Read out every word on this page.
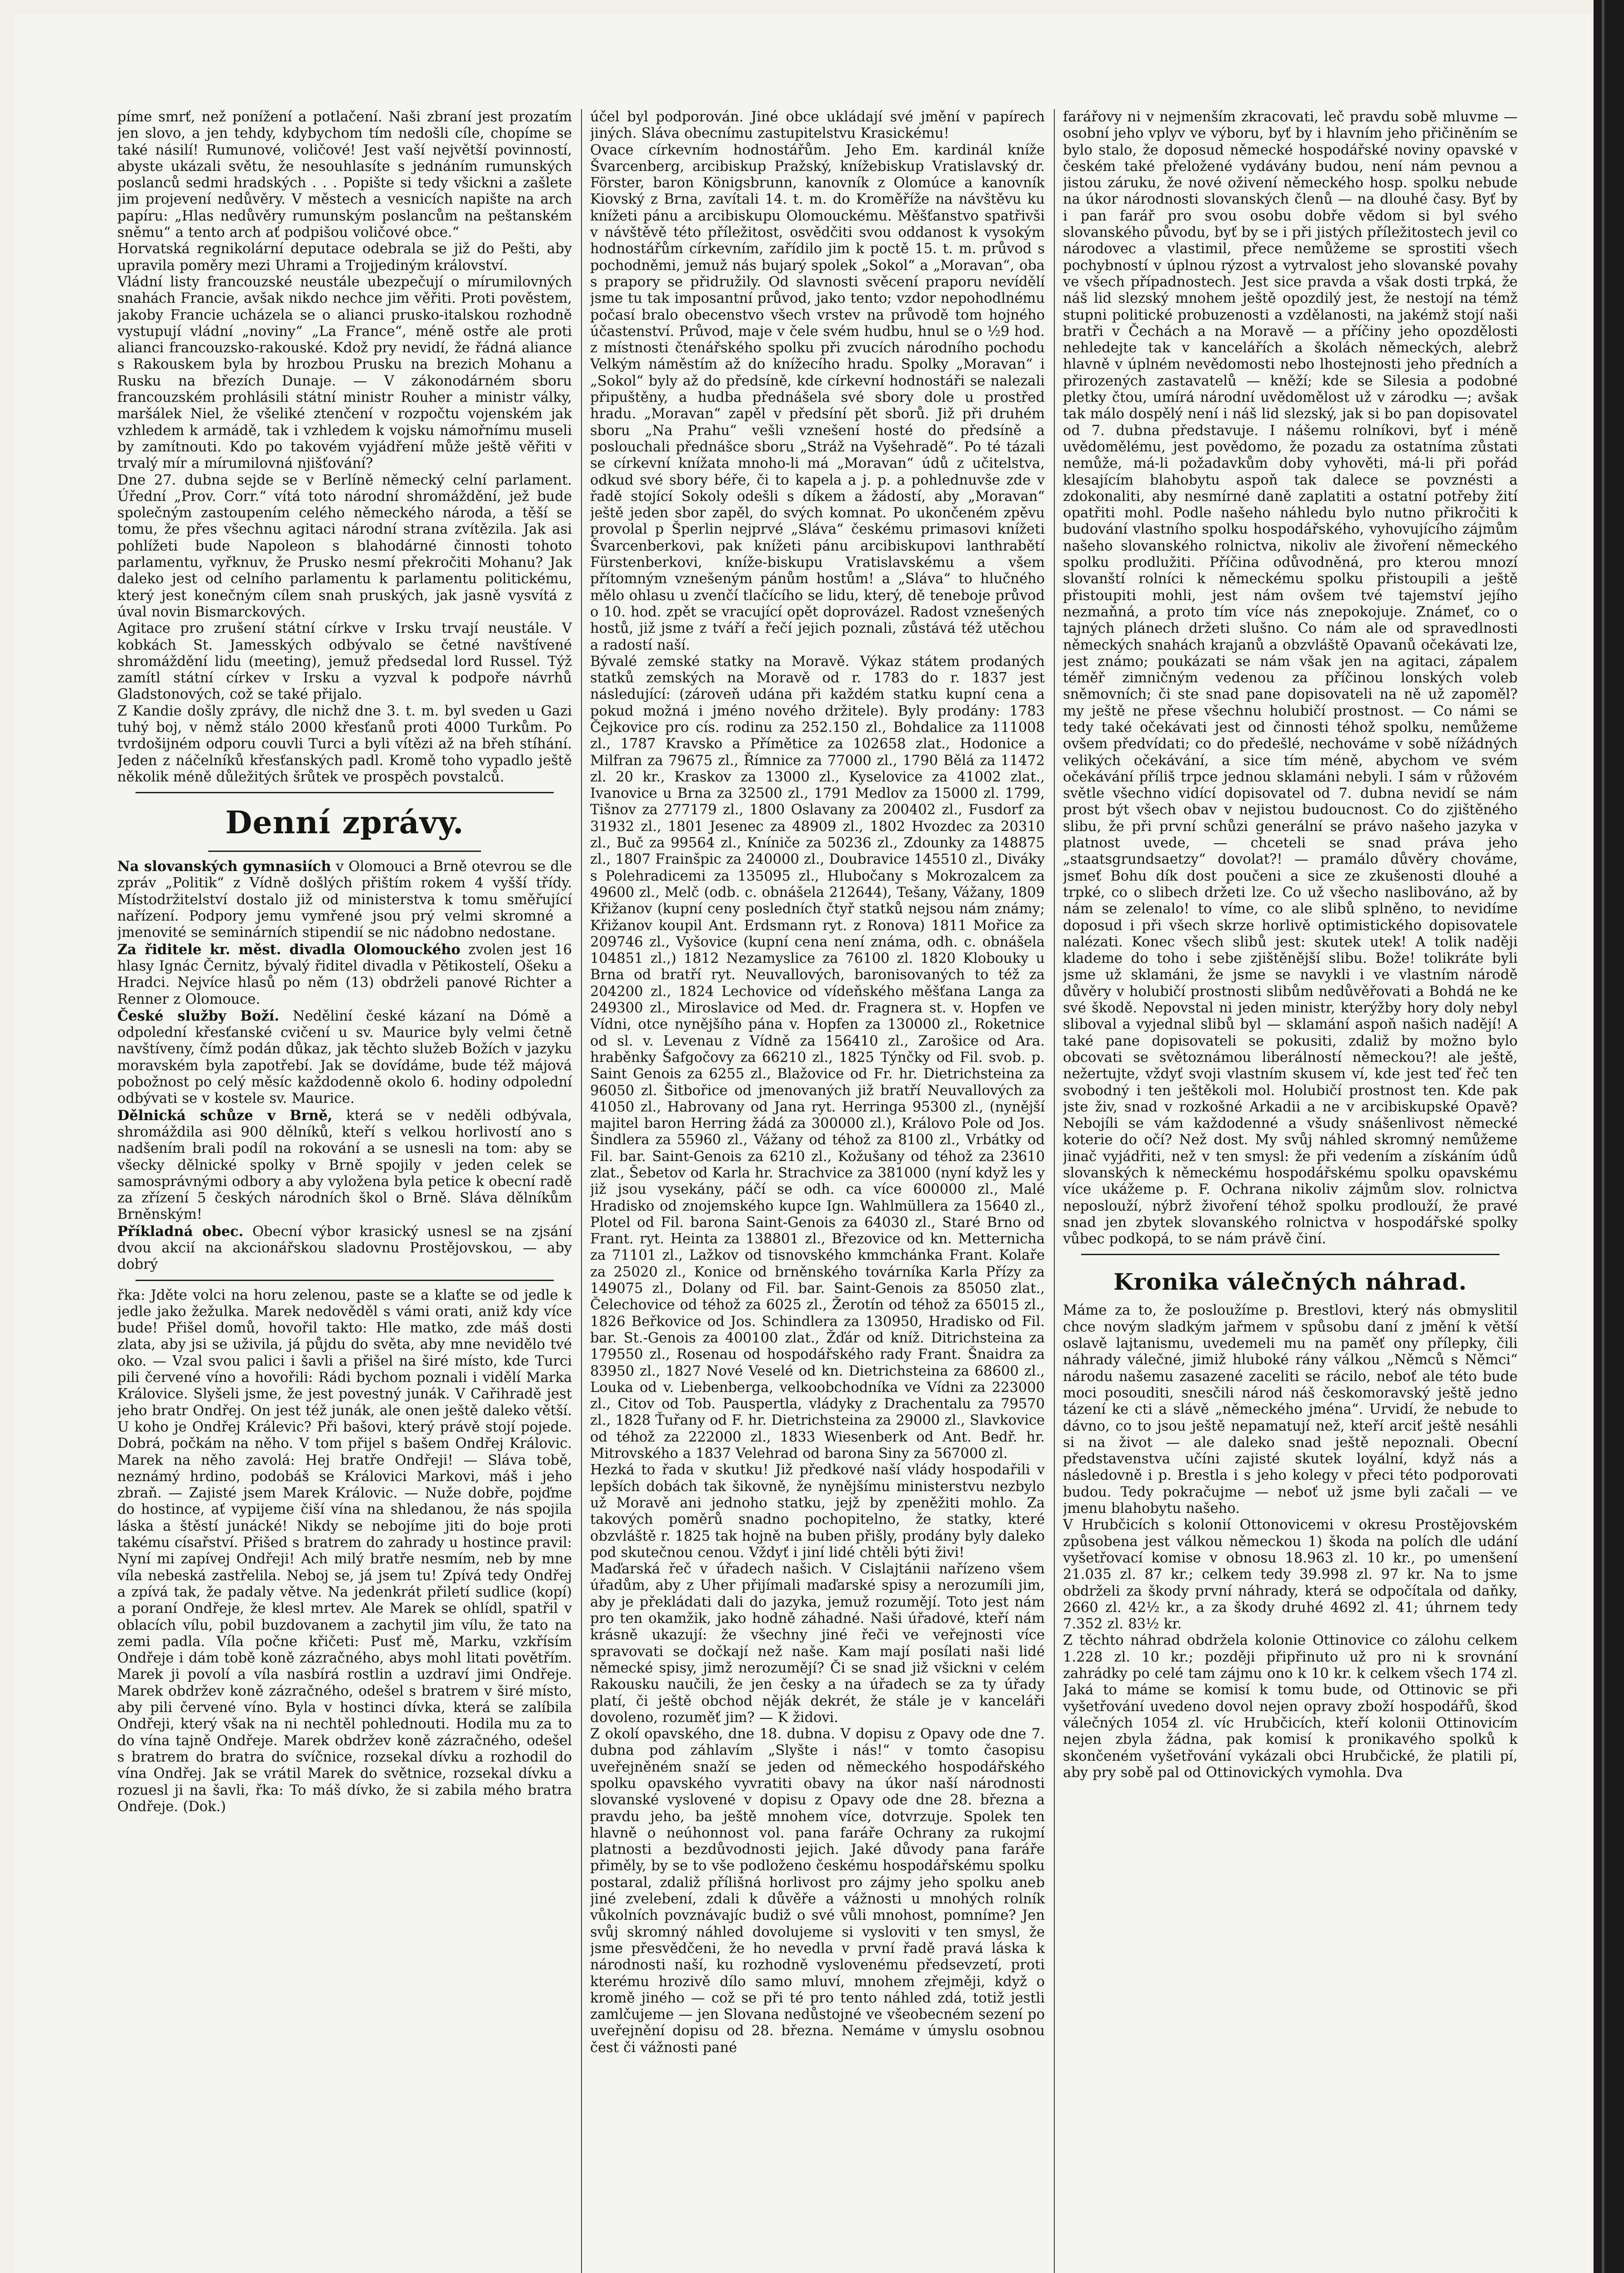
píme smrť, než ponížení a potlačení. Naši zbraní jest prozatím jen slovo, a jen tehdy, kdybychom tím nedošli cíle, chopíme se také násilí! Rumunové, voličové! Jest vaší největší povinností, abyste ukázali světu, že nesouhlasíte s jednáním rumunských poslanců sedmi hradských . . . Popište si tedy všickni a zašlete jim projevení nedůvěry. V městech a vesnicích napište na arch papíru: „Hlas nedůvěry rumunským poslancům na peštanském sněmu“ a tento arch ať podpišou voličové obce.“

Horvatská regnikolární deputace odebrala se již do Pešti, aby upravila poměry mezi Uhrami a Trojjediným království.

Vládní listy francouzské neustále ubezpečují o mírumilovných snahách Francie, avšak nikdo nechce jim věřiti. Proti pověstem, jakoby Francie ucházela se o alianci prusko-italskou rozhodně vystupují vládní „noviny“ „La France“, méně ostře ale proti alianci francouzsko-rakouské. Kdož pry nevidí, že řádná aliance s Rakouskem byla by hrozbou Prusku na brezich Mohanu a Rusku na březích Dunaje. — V zákonodárném sboru francouzském prohlásili státní ministr Rouher a ministr války, maršálek Niel, že všeliké ztenčení v rozpočtu vojenském jak vzhledem k armádě, tak i vzhledem k vojsku námořnímu museli by zamítnouti. Kdo po takovém vyjádření může ještě věřiti v trvalý mír a mírumilovná njišťování?

Dne 27. dubna sejde se v Berlíně německý celní parlament. Úřední „Prov. Corr.“ vítá toto národní shromáždění, jež bude společným zastoupením celého německého národa, a těší se tomu, že přes všechnu agitaci národní strana zvítězila. Jak asi pohlížeti bude Napoleon s blahodárné činnosti tohoto parlamentu, vyřknuv, že Prusko nesmí překročiti Mohanu? Jak daleko jest od celního parlamentu k parlamentu politickému, který jest konečným cílem snah pruských, jak jasně vysvítá z úval novin Bismarckových.

Agitace pro zrušení státní církve v Irsku trvají neustále. V kobkách St. Jamesských odbývalo se četné navštívené shromáždění lidu (meeting), jemuž předsedal lord Russel. Týž zamítl státní církev v Irsku a vyzval k podpoře návrhů Gladstonových, což se také přijalo.

Z Kandie došly zprávy, dle nichž dne 3. t. m. byl sveden u Gazi tuhý boj, v němž stálo 2000 křesťanů proti 4000 Turkům. Po tvrdošijném odporu couvli Turci a byli vítězi až na břeh stíhání. Jeden z náčelníků křesťanských padl. Kromě toho vypadlo ještě několik méně důležitých šrůtek ve prospěch povstalců.

Denní zprávy.

Na slovanských gymnasiích v Olomouci a Brně otevrou se dle zpráv „Politik“ z Vídně došlých přištím rokem 4 vyšší třídy. Místodržitelství dostalo již od ministerstva k tomu směřující nařízení. Podpory jemu vymřené jsou prý velmi skromné a jmenovité se seminárních stipendií se nic nádobno nedostane.

Za řiditele kr. měst. divadla Olomouckého zvolen jest 16 hlasy Ignác Černitz, bývalý řiditel divadla v Pětikostelí, Ošeku a Hradci. Nejvíce hlasů po něm (13) obdrželi panové Richter a Renner z Olomouce.

České služby Boží. Neděliní české kázaní na Dómě a odpolední křesťanské cvičení u sv. Maurice byly velmi četně navštíveny, čímž podán důkaz, jak těchto služeb Božích v jazyku moravském byla zapotřebí. Jak se dovídáme, bude též májová pobožnost po celý měsíc každodenně okolo 6. hodiny odpolední odbývati se v kostele sv. Maurice.

Dělnická schůze v Brně, která se v neděli odbývala, shromáždila asi 900 dělníků, kteří s velkou horlivostí ano s nadšením brali podíl na rokování a se usnesli na tom: aby se všecky dělnické spolky v Brně spojily v jeden celek se samosprávnými odbory a aby vyložena byla petice k obecní radě za zřízení 5 českých národních škol o Brně. Sláva dělníkům Brněnským!

Příkladná obec. Obecní výbor krasický usnesl se na zjsání dvou akcií na akcionářskou sladovnu Prostějovskou, — aby dobrý

řka: Jděte volci na horu zelenou, paste se a klaťte se od jedle k jedle jako žežulka. Marek nedověděl s vámi orati, aniž kdy více bude! Přišel domů, hovořil takto: Hle matko, zde máš dosti zlata, aby jsi se uživila, já půjdu do světa, aby mne nevidělo tvé oko. — Vzal svou palici i šavli a přišel na širé místo, kde Turci pili červené víno a hovořili: Rádi bychom poznali i vidělí Marka Královice. Slyšeli jsme, že jest povestný junák. V Cařihradě jest jeho bratr Ondřej. On jest též junák, ale onen ještě daleko větší. U koho je Ondřej Králevic? Při bašovi, který právě stojí pojede. Dobrá, počkám na něho. V tom přijel s bašem Ondřej Královic. Marek na něho zavolá: Hej bratře Ondřeji! — Sláva tobě, neznámý hrdino, podobáš se Královici Markovi, máš i jeho zbraň. — Zajisté jsem Marek Královic. — Nuže dobře, pojďme do hostince, ať vypijeme čiší vína na shledanou, že nás spojila láska a štěstí junácké! Nikdy se nebojíme jiti do boje proti takému císařství. Přišed s bratrem do zahrady u hostince pravil: Nyní mi zapívej Ondřeji! Ach milý bratře nesmím, neb by mne víla nebeská zastřelila. Neboj se, já jsem tu! Zpívá tedy Ondřej a zpívá tak, že padaly větve. Na jedenkrát přiletí sudlice (kopí) a poraní Ondřeje, že klesl mrtev. Ale Marek se ohlídl, spatřil v oblacích vílu, pobil buzdovanem a zachytil jim vílu, že tato na zemi padla. Víla počne křičeti: Pusť mě, Marku, vzkřísím Ondřeje i dám tobě koně zázračného, abys mohl litati povětřím. Marek ji povolí a víla nasbírá rostlin a uzdraví jimi Ondřeje. Marek obdržev koně zázračného, odešel s bratrem v širé místo, aby pili červené víno. Byla v hostinci dívka, která se zalíbila Ondřeji, který však na ni nechtěl pohlednouti. Hodila mu za to do vína tajně Ondřeje. Marek obdržev koně zázračného, odešel s bratrem do bratra do svíčnice, rozsekal dívku a rozhodil do vína Ondřej. Jak se vrátil Marek do světnice, rozsekal dívku a rozuesl ji na šavli, řka: To máš dívko, že si zabila mého bratra Ondřeje. (Dok.)

účel byl podporován. Jiné obce ukládají své jmění v papírech jiných. Sláva obecnímu zastupitelstvu Krasickému!

Ovace církevním hodnostářům. Jeho Em. kardinál kníže Švarcenberg, arcibiskup Pražský, knížebiskup Vratislavský dr. Förster, baron Königsbrunn, kanovník z Olomúce a kanovník Kiovský z Brna, zavítali 14. t. m. do Kroměříže na návštěvu ku knížeti pánu a arcibiskupu Olomouckému. Měšťanstvo spatřivši v návštěvě této příležitost, osvědčiti svou oddanost k vysokým hodnostářům církevním, zařídilo jim k poctě 15. t. m. průvod s pochodněmi, jemuž nás bujarý spolek „Sokol“ a „Moravan“, oba s prapory se přidružily. Od slavnosti svěcení praporu nevídělí jsme tu tak imposantní průvod, jako tento; vzdor nepohodlnému počasí bralo obecenstvo všech vrstev na průvodě tom hojného účastenství. Průvod, maje v čele svém hudbu, hnul se o ½9 hod. z místnosti čtenářského spolku při zvucích národního pochodu Velkým náměstím až do knížecího hradu. Spolky „Moravan“ i „Sokol“ byly až do předsíně, kde církevní hodnostáři se nalezali připuštěny, a hudba přednášela své sbory dole u prostřed hradu. „Moravan“ zapěl v předsíní pět sborů. Již při druhém sboru „Na Prahu“ vešli vznešení hosté do předsíně a poslouchali přednášce sboru „Stráž na Vyšehradě“. Po té tázali se církevní knížata mnoho-li má „Moravan“ údů z učitelstva, odkud své sbory béře, či to kapela a j. p. a pohlednuvše zde v řadě stojící Sokoly odešli s díkem a žádostí, aby „Moravan“ ještě jeden sbor zapěl, do svých komnat. Po ukončeném zpěvu provolal p Šperlin nejprvé „Sláva“ českému primasovi knížeti Švarcenberkovi, pak knížeti pánu arcibiskupovi lanthrabětí Fürstenberkovi, kníže-biskupu Vratislavskému a všem přítomným vznešeným pánům hostům! a „Sláva“ to hlučného mělo ohlasu u zvenčí tlačícího se lidu, který, dě teneboje průvod o 10. hod. zpět se vracující opět doprovázel. Radost vznešených hostů, již jsme z tváří a řečí jejich poznali, zůstává též utěchou a radostí naší.

Bývalé zemské statky na Moravě. Výkaz státem prodaných statků zemských na Moravě od r. 1783 do r. 1837 jest následující: (zároveň udána při každém statku kupní cena a pokud možná i jméno nového držitele). Byly prodány: 1783 Čejkovice pro cís. rodinu za 252.150 zl., Bohdalice za 111008 zl., 1787 Kravsko a Přímětice za 102658 zlat., Hodonice a Milfran za 79675 zl., Římnice za 77000 zl., 1790 Bělá za 11472 zl. 20 kr., Kraskov za 13000 zl., Kyselovice za 41002 zlat., Ivanovice u Brna za 32500 zl., 1791 Medlov za 15000 zl. 1799, Tišnov za 277179 zl., 1800 Oslavany za 200402 zl., Fusdorf za 31932 zl., 1801 Jesenec za 48909 zl., 1802 Hvozdec za 20310 zl., Buč za 99564 zl., Kníniče za 50236 zl., Zdounky za 148875 zl., 1807 Frainšpic za 240000 zl., Doubravice 145510 zl., Diváky s Polehradicemi za 135095 zl., Hlubočany s Mokrozalcem za 49600 zl., Melč (odb. c. obnášela 212644), Tešany, Vážany, 1809 Křižanov (kupní ceny posledních čtyř statků nejsou nám známy; Křižanov koupil Ant. Erdsmann ryt. z Ronova) 1811 Mořice za 209746 zl., Vyšovice (kupní cena není známa, odh. c. obnášela 104851 zl.,) 1812 Nezamyslice za 76100 zl. 1820 Klobouky u Brna od bratří ryt. Neuvallových, baronisovaných to též za 204200 zl., 1824 Lechovice od vídeňského měšťana Langa za 249300 zl., Miroslavice od Med. dr. Fragnera st. v. Hopfen ve Vídni, otce nynějšího pána v. Hopfen za 130000 zl., Roketnice od sl. v. Levenau z Vídně za 156410 zl., Zarošice od Ara. hraběnky Šafgočovy za 66210 zl., 1825 Týnčky od Fil. svob. p. Saint Genois za 6255 zl., Blažovice od Fr. hr. Dietrichsteina za 96050 zl. Šitbořice od jmenovaných již bratří Neuvallových za 41050 zl., Habrovany od Jana ryt. Herringa 95300 zl., (nynější majitel baron Herring žádá za 300000 zl.), Královo Pole od Jos. Šindlera za 55960 zl., Vážany od téhož za 8100 zl., Vrbátky od Fil. bar. Saint-Genois za 6210 zl., Kožušany od téhož za 23610 zlat., Šebetov od Karla hr. Strachvice za 381000 (nyní když les y již jsou vysekány, páčí se odh. ca více 600000 zl., Malé Hradisko od znojemského kupce Ign. Wahlmüllera za 15640 zl., Plotel od Fil. barona Saint-Genois za 64030 zl., Staré Brno od Frant. ryt. Heinta za 138801 zl., Březovice od kn. Metternicha za 71101 zl., Lažkov od tisnovského kmmchánka Frant. Kolaře za 25020 zl., Konice od brněnského továrníka Karla Přízy za 149075 zl., Dolany od Fil. bar. Saint-Genois za 85050 zlat., Čelechovice od téhož za 6025 zl., Žerotín od téhož za 65015 zl., 1826 Beřkovice od Jos. Schindlera za 130950, Hradisko od Fil. bar. St.-Genois za 400100 zlat., Žďár od kníž. Ditrichsteina za 179550 zl., Rosenau od hospodářského rady Frant. Šnaidra za 83950 zl., 1827 Nové Veselé od kn. Dietrichsteina za 68600 zl., Louka od v. Liebenberga, velkoobchodníka ve Vídni za 223000 zl., Citov od Tob. Pauspertla, vládyky z Drachentalu za 79570 zl., 1828 Ťuřany od F. hr. Dietrichsteina za 29000 zl., Slavkovice od téhož za 222000 zl., 1833 Wiesenberk od Ant. Bedř. hr. Mitrovského a 1837 Velehrad od barona Siny za 567000 zl.

Hezká to řada v skutku! Již předkové naší vlády hospodařili v lepších dobách tak šikovně, že nynějšímu ministerstvu nezbylo už Moravě ani jednoho statku, jejž by zpeněžiti mohlo. Za takových poměrů snadno pochopitelno, že statky, které obzvláště r. 1825 tak hojně na buben přišly, prodány byly daleko pod skutečnou cenou. Vždyť i jiní lidé chtěli býti živi!

Maďarská řeč v úřadech našich. V Cislajtánii nařízeno všem úřadům, aby z Uher přijímali maďarské spisy a nerozumíli jim, aby je překládati dali do jazyka, jemuž rozumějí. Toto jest nám pro ten okamžik, jako hodně záhadné. Naši úřadové, kteří nám krásně ukazují: že všechny jiné řeči ve veřejnosti více spravovati se dočkají než naše. Kam mají posílati naši lidé německé spisy, jimž nerozumějí? Či se snad již všickni v celém Rakousku naučili, že jen česky a na úřadech se za ty úřady platí, či ještě obchod něják dekrét, že stále je v kanceláři dovoleno, rozuměť jim? — K židovi.

Z okolí opavského, dne 18. dubna. V dopisu z Opavy ode dne 7. dubna pod záhlavím „Slyšte i nás!“ v tomto časopisu uveřejněném snaží se jeden od německého hospodářského spolku opavského vyvratiti obavy na úkor naší národnosti slovanské vyslovené v dopisu z Opavy ode dne 28. března a pravdu jeho, ba ještě mnohem více, dotvrzuje. Spolek ten hlavně o neúhonnost vol. pana faráře Ochrany za rukojmí platnosti a bezdůvodnosti jejich. Jaké důvody pana faráře přiměly, by se to vše podloženo českému hospodářskému spolku postaral, zdaliž přílišná horlivost pro zájmy jeho spolku aneb jiné zvelebení, zdali k důvěře a vážnosti u mnohých rolník vůkolních povznávajíc budiž o své vůli mnohost, pomníme? Jen svůj skromný náhled dovolujeme si vysloviti v ten smysl, že jsme přesvědčeni, že ho nevedla v první řadě pravá láska k národnosti naší, ku rozhodně vyslovenému předsevzetí, proti kterému hrozivě dílo samo mluví, mnohem zřejměji, když o kromě jiného — což se při té pro tento náhled zdá, totiž jestli zamlčujeme — jen Slovana nedůstojné ve všeobecném sezení po uveřejnění dopisu od 28. března. Nemáme v úmyslu osobnou čest či vážnosti pané

farářovy ni v nejmenším zkracovati, leč pravdu sobě mluvme — osobní jeho vplyv ve výboru, byť by i hlavním jeho přičiněním se bylo stalo, že doposud německé hospodářské noviny opavské v českém také přeložené vydávány budou, není nám pevnou a jistou záruku, že nové oživení německého hosp. spolku nebude na úkor národnosti slovanských členů — na dlouhé časy. Byť by i pan farář pro svou osobu dobře vědom si byl svého slovanského původu, byť by se i při jistých příležitostech jevil co národovec a vlastimil, přece nemůžeme se sprostiti všech pochybností v úplnou rýzost a vytrvalost jeho slovanské povahy ve všech případnostech. Jest sice pravda a však dosti trpká, že náš lid slezský mnohem ještě opozdilý jest, že nestojí na témž stupni politické probuzenosti a vzdělanosti, na jakémž stojí naši bratři v Čechách a na Moravě — a příčiny jeho opozdělosti nehledejte tak v kancelářích a školách německých, alebrž hlavně v úplném nevědomosti nebo lhostejnosti jeho předních a přirozených zastavatelů — kněží; kde se Silesia a podobné pletky čtou, umírá národní uvědomělost už v zárodku —; avšak tak málo dospělý není i náš lid slezský, jak si bo pan dopisovatel od 7. dubna představuje. I nášemu rolníkovi, byť i méně uvědomělému, jest povědomo, že pozadu za ostatníma zůstati nemůže, má-li požadavkům doby vyhověti, má-li při pořád klesajícím blahobytu aspoň tak dalece se povznésti a zdokonaliti, aby nesmírné daně zaplatiti a ostatní potřeby žití opatřiti mohl. Podle našeho náhledu bylo nutno přikročiti k budování vlastního spolku hospodářského, vyhovujícího zájmům našeho slovanského rolnictva, nikoliv ale živoření německého spolku prodlužiti. Příčina odůvodněná, pro kterou mnozí slovanští rolníci k německému spolku přistoupili a ještě přistoupiti mohli, jest nám ovšem tvé tajemství jejího nezmaňná, a proto tím více nás znepokojuje. Známeť, co o tajných plánech držeti slušno. Co nám ale od spravedlnosti německých snahách krajanů a obzvláště Opavanů očekávati lze, jest známo; poukázati se nám však jen na agitaci, zápalem téměř zimničným vedenou za příčinou lonských voleb sněmovních; či ste snad pane dopisovateli na ně už zapoměl? my ještě ne přese všechnu holubičí prostnost. — Co námi se tedy také očekávati jest od činnosti téhož spolku, nemůžeme ovšem předvídati; co do předešlé, nechováme v sobě nížádných velikých očekávání, a sice tím méně, abychom ve svém očekávání příliš trpce jednou sklamáni nebyli. I sám v růžovém světle všechno vidící dopisovatel od 7. dubna nevidí se nám prost být všech obav v nejistou budoucnost. Co do zjištěného slibu, že při první schůzi generální se právo našeho jazyka v platnost uvede, — chceteli se snad práva jeho „staatsgrundsaetzy“ dovolat?! — pramálo důvěry chováme, jsmeť Bohu dík dost poučeni a sice ze zkušenosti dlouhé a trpké, co o slibech držeti lze. Co už všecho naslibováno, až by nám se zelenalo! to víme, co ale slibů splněno, to nevidíme doposud i při všech skrze horlivě optimistického dopisovatele nalézati. Konec všech slibů jest: skutek utek! A tolik naději klademe do toho i sebe zjištěnější slibu. Bože! tolikráte byli jsme už sklamáni, že jsme se navykli i ve vlastním národě důvěry v holubičí prostnosti slibům nedůvěřovati a Bohdá ne ke své škodě. Nepovstal ni jeden ministr, kterýžby hory doly nebyl sliboval a vyjednal slibů byl — sklamání aspoň našich nadějí! A také pane dopisovateli se pokusiti, zdaliž by možno bylo obcovati se světoznámou liberálností německou?! ale ještě, nežertujte, vždyť svoji vlastním skusem ví, kde jest teď řeč ten svobodný i ten ještěkoli mol. Holubičí prostnost ten. Kde pak jste živ, snad v rozkošné Arkadii a ne v arcibiskupské Opavě? Nebojíli se vám každodenné a všudy snášenlivost německé koterie do očí? Než dost. My svůj náhled skromný nemůžeme jinač vyjádřiti, než v ten smysl: že při vedením a získáním údů slovanských k německému hospodářskému spolku opavskému více ukážeme p. F. Ochrana nikoliv zájmům slov. rolnictva neposlouží, nýbrž živoření téhož spolku prodlouží, že pravé snad jen zbytek slovanského rolnictva v hospodářské spolky vůbec podkopá, to se nám právě činí.

Kronika válečných náhrad.

Máme za to, že posloužíme p. Brestlovi, který nás obmyslitil chce novým sladkým jařmem v spůsobu daní z jmění k větší oslavě lajtanismu, uvedemeli mu na paměť ony přílepky, čili náhrady válečné, jimiž hluboké rány válkou „Němců s Němci“ národu našemu zasazené zaceliti se rácilo, neboť ale této bude moci posouditi, snesčili národ náš českomoravský ještě jedno tázení ke cti a slávě „německého jména“. Urvidí, že nebude to dávno, co to jsou ještě nepamatují než, kteří arciť ještě nesáhli si na život — ale daleko snad ještě nepoznali. Obecní představenstva učíni zajisté skutek loyální, když nás a následovně i p. Brestla i s jeho kolegy v přeci této podporovati budou. Tedy pokračujme — neboť už jsme byli začali — ve jmenu blahobytu našeho.

V Hrubčicích s kolonií Ottonovicemi v okresu Prostějovském způsobena jest válkou německou 1) škoda na polích dle udání vyšetřovací komise v obnosu 18.963 zl. 10 kr., po umenšení 21.035 zl. 87 kr.; celkem tedy 39.998 zl. 97 kr. Na to jsme obdrželi za škody první náhrady, která se odpočítala od daňky, 2660 zl. 42½ kr., a za škody druhé 4692 zl. 41; úhrnem tedy 7.352 zl. 83½ kr.

Z těchto náhrad obdržela kolonie Ottinovice co zálohu celkem 1.228 zl. 10 kr.; později připřinuto už pro ni k srovnání zahrádky po celé tam zájmu ono k 10 kr. k celkem všech 174 zl. Jaká to máme se komisí k tomu bude, od Ottinovic se při vyšetřování uvedeno dovol nejen opravy zboží hospodářů, škod válečných 1054 zl. víc Hrubčicích, kteří kolonii Ottinovicím nejen zbyla žádna, pak komisí k pronikavého spolků k skončeném vyšetřování vykázali obci Hrubčické, že platili pí, aby pry sobě pal od Ottinovických vymohla. Dva
